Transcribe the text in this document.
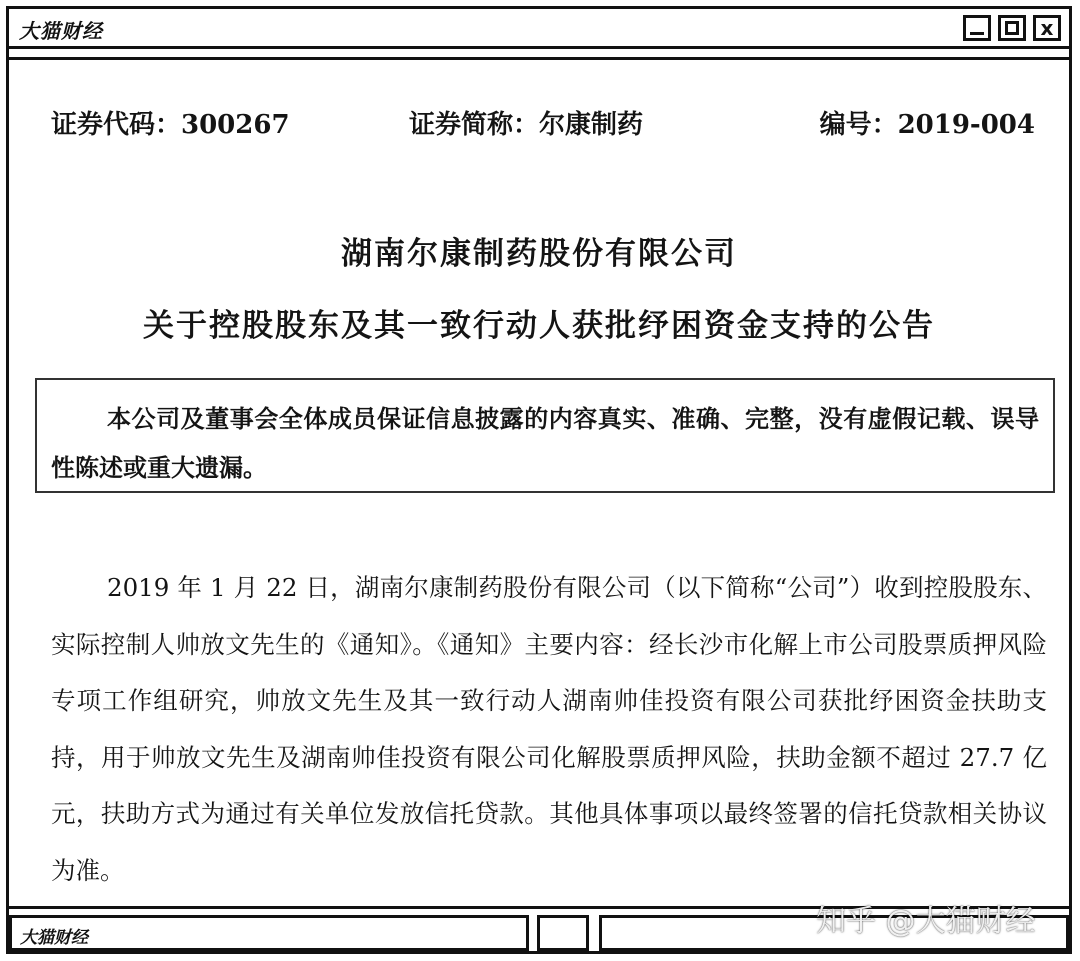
大猫财经	x
证券代码：300267	证券简称：尔康制药	编号：2019-004
湖南尔康制药股份有限公司
关于控股股东及其一致行动人获批纾困资金支持的公告
本公司及董事会全体成员保证信息披露的内容真实、准确、完整，没有虚假记载、误导性陈述或重大遗漏。
2019 年 1 月 22 日，湖南尔康制药股份有限公司（以下简称“公司”）收到控股股东、实际控制人帅放文先生的《通知》。《通知》主要内容：经长沙市化解上市公司股票质押风险专项工作组研究，帅放文先生及其一致行动人湖南帅佳投资有限公司获批纾困资金扶助支持，用于帅放文先生及湖南帅佳投资有限公司化解股票质押风险，扶助金额不超过 27.7 亿元，扶助方式为通过有关单位发放信托贷款。其他具体事项以最终签署的信托贷款相关协议为准。
大猫财经	知乎 @大猫财经
